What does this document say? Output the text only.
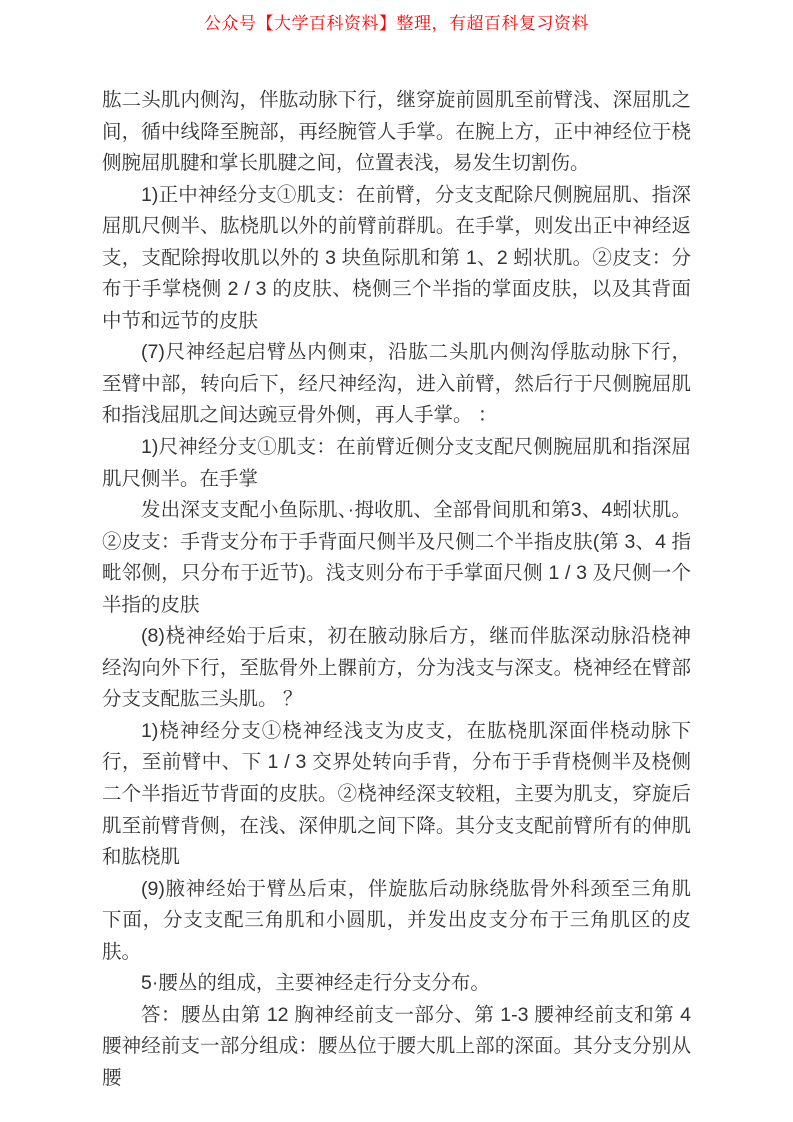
公众号【大学百科资料】整理，有超百科复习资料

肱二头肌内侧沟，伴肱动脉下行，继穿旋前圆肌至前臂浅、深屈肌之间，循中线降至腕部，再经腕管人手掌。在腕上方，正中神经位于桡侧腕屈肌腱和掌长肌腱之间，位置表浅，易发生切割伤。

1)正中神经分支①肌支：在前臂，分支支配除尺侧腕屈肌、指深屈肌尺侧半、肱桡肌以外的前臂前群肌。在手掌，则发出正中神经返支，支配除拇收肌以外的 3 块鱼际肌和第 1、2 蚓状肌。②皮支：分布于手掌桡侧 2 / 3 的皮肤、桡侧三个半指的掌面皮肤，以及其背面中节和远节的皮肤

(7)尺神经起启臂丛内侧束，沿肱二头肌内侧沟俘肱动脉下行，至臂中部，转向后下，经尺神经沟，进入前臂，然后行于尺侧腕屈肌和指浅屈肌之间达豌豆骨外侧，再人手掌。 ：

1)尺神经分支①肌支：在前臂近侧分支支配尺侧腕屈肌和指深屈肌尺侧半。在手掌

发出深支支配小鱼际肌、·拇收肌、全部骨间肌和第3、4蚓状肌。②皮支：手背支分布于手背面尺侧半及尺侧二个半指皮肤(第 3、4 指毗邻侧，只分布于近节)。浅支则分布于手掌面尺侧 1 / 3 及尺侧一个半指的皮肤

(8)桡神经始于后束，初在腋动脉后方，继而伴肱深动脉沿桡神经沟向外下行，至肱骨外上髁前方，分为浅支与深支。桡神经在臂部分支支配肱三头肌。 ？

1)桡神经分支①桡神经浅支为皮支，在肱桡肌深面伴桡动脉下行，至前臂中、下 1 / 3 交界处转向手背，分布于手背桡侧半及桡侧二个半指近节背面的皮肤。②桡神经深支较粗，主要为肌支，穿旋后肌至前臂背侧，在浅、深伸肌之间下降。其分支支配前臂所有的伸肌和肱桡肌

(9)腋神经始于臂丛后束，伴旋肱后动脉绕肱骨外科颈至三角肌下面，分支支配三角肌和小圆肌，并发出皮支分布于三角肌区的皮肤。

5·腰丛的组成，主要神经走行分支分布。

答：腰丛由第 12 胸神经前支一部分、第 1-3 腰神经前支和第 4 腰神经前支一部分组成：腰丛位于腰大肌上部的深面。其分支分别从腰
